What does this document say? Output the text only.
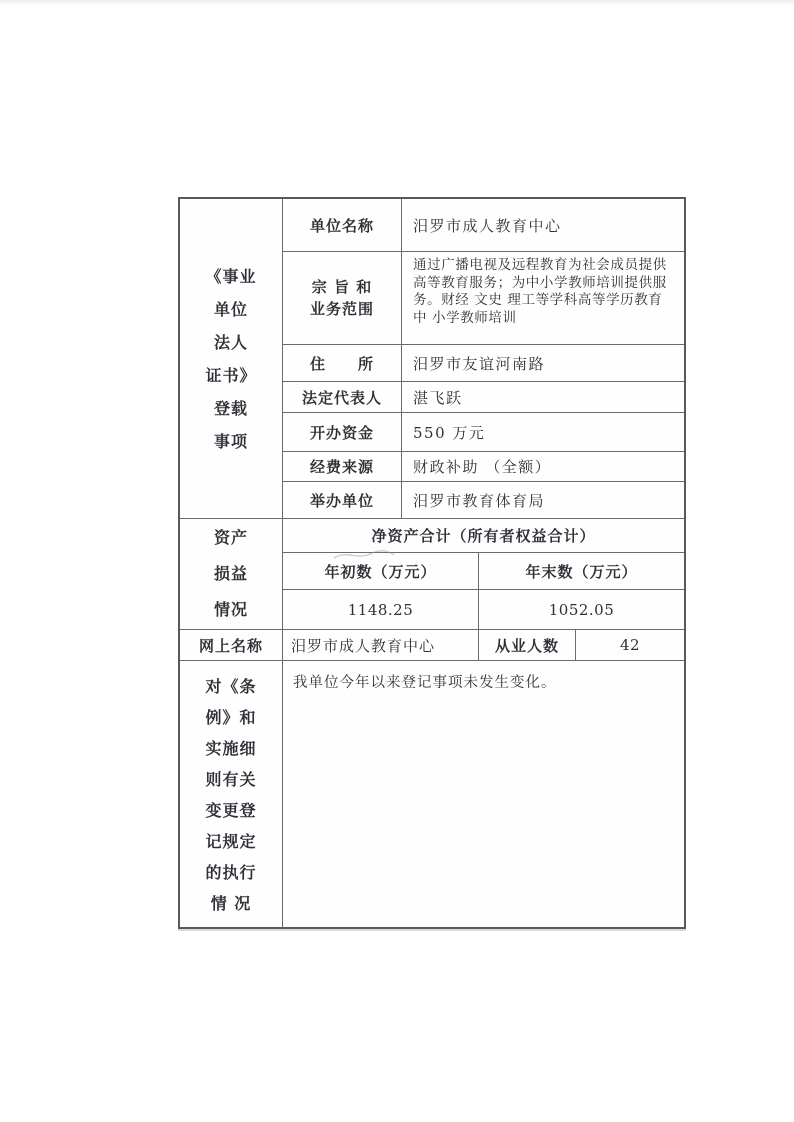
《事业
单位
法人
证书》
登载
事项
单位名称	汨罗市成人教育中心
宗 旨 和
业务范围
通过广播电视及远程教育为社会成员提供高等教育服务；为中小学教师培训提供服务。财经 文史 理工等学科高等学历教育 中 小学教师培训
住　　所	汨罗市友谊河南路
法定代表人	湛飞跃
开办资金	550 万元
经费来源	财政补助 （全额）
举办单位	汨罗市教育体育局
资产
损益
情况
净资产合计（所有者权益合计）
年初数（万元）	年末数（万元）
1148.25	1052.05
网上名称	汨罗市成人教育中心	从业人数	42
对《条
例》和
实施细
则有关
变更登
记规定
的执行
情 况
我单位今年以来登记事项未发生变化。
